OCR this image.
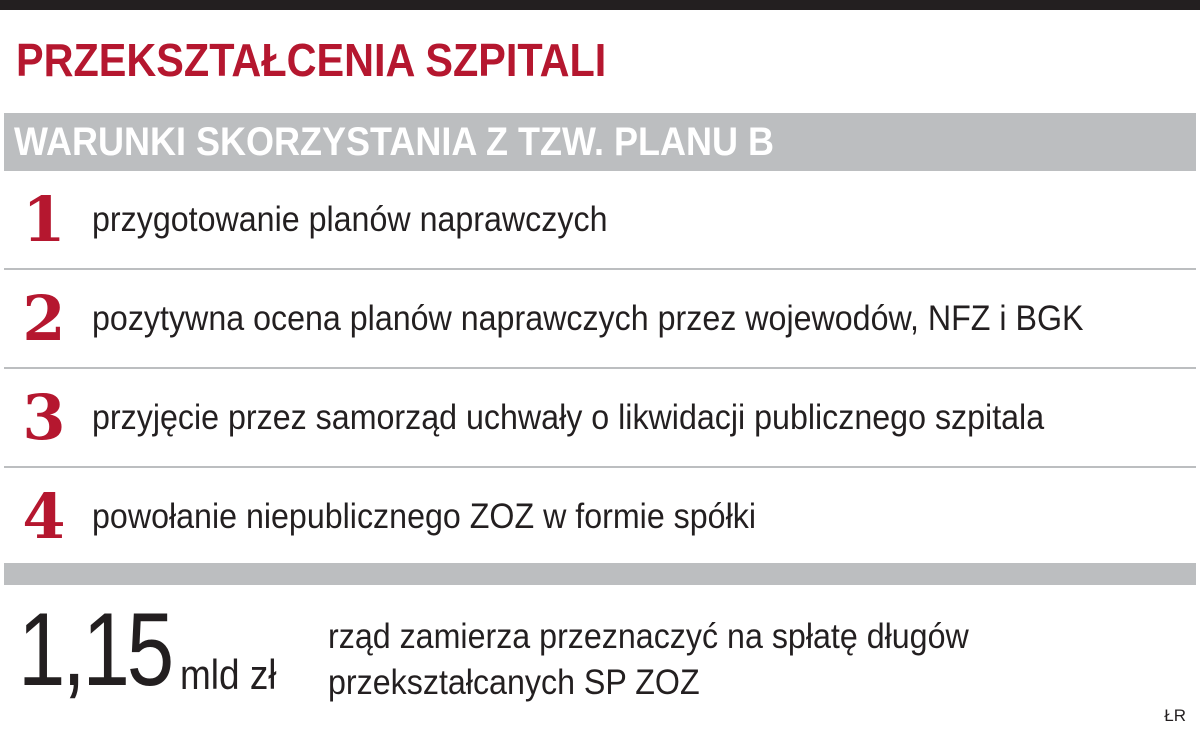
PRZEKSZTAŁCENIA SZPITALI
WARUNKI SKORZYSTANIA Z TZW. PLANU B
1 przygotowanie planów naprawczych
2 pozytywna ocena planów naprawczych przez wojewodów, NFZ i BGK
3 przyjęcie przez samorząd uchwały o likwidacji publicznego szpitala
4 powołanie niepublicznego ZOZ w formie spółki
1,15 mld zł
rząd zamierza przeznaczyć na spłatę długów
przekształcanych SP ZOZ
ŁR
